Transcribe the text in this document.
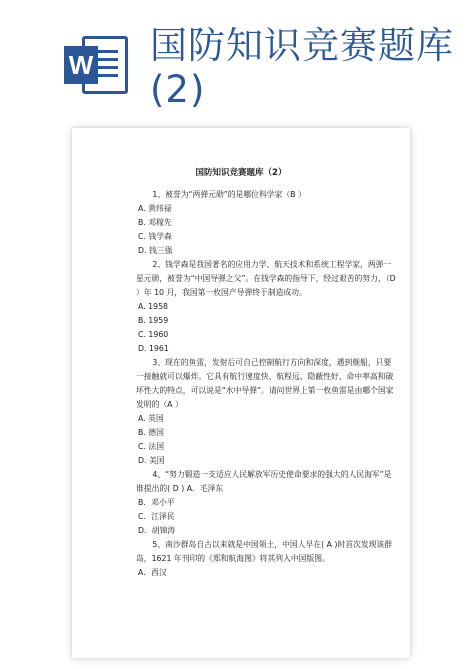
W 国防知识竞赛题库
(2)
国防知识竞赛题库（2）

1、被誉为“两弹元勋”的是哪位科学家（B ）

A. 黄纬禄

B. 邓稼先

C. 钱学森

D. 钱三强

2、钱学森是我国著名的应用力学、航天技术和系统工程学家，两弹一星元勋，被誉为“中国导弹之父”。在钱学森的指导下，经过艰苦的努力，（D ）年 10 月，我国第一枚国产导弹终于制造成功。

A. 1958

B. 1959

C. 1960

D. 1961

3、现在的鱼雷，发射后可自己控制航行方向和深度，遇到舰船，只要一接触就可以爆炸。它具有航行速度快、航程远、隐蔽性好、命中率高和破坏性大的特点，可以说是“水中导弹”。请问世界上第一枚鱼雷是由哪个国家发明的（A ）

A. 英国

B. 德国

C. 法国

D. 美国

4、“努力锻造一支适应人民解放军历史使命要求的强大的人民海军”是谁提出的( D ) A．毛泽东

B．邓小平

C．江泽民

D．胡锦涛

5、南沙群岛自古以来就是中国领土，中国人早在( A )时首次发现该群岛，1621 年刊印的《郑和航海图》将其列入中国版图。

A．西汉
